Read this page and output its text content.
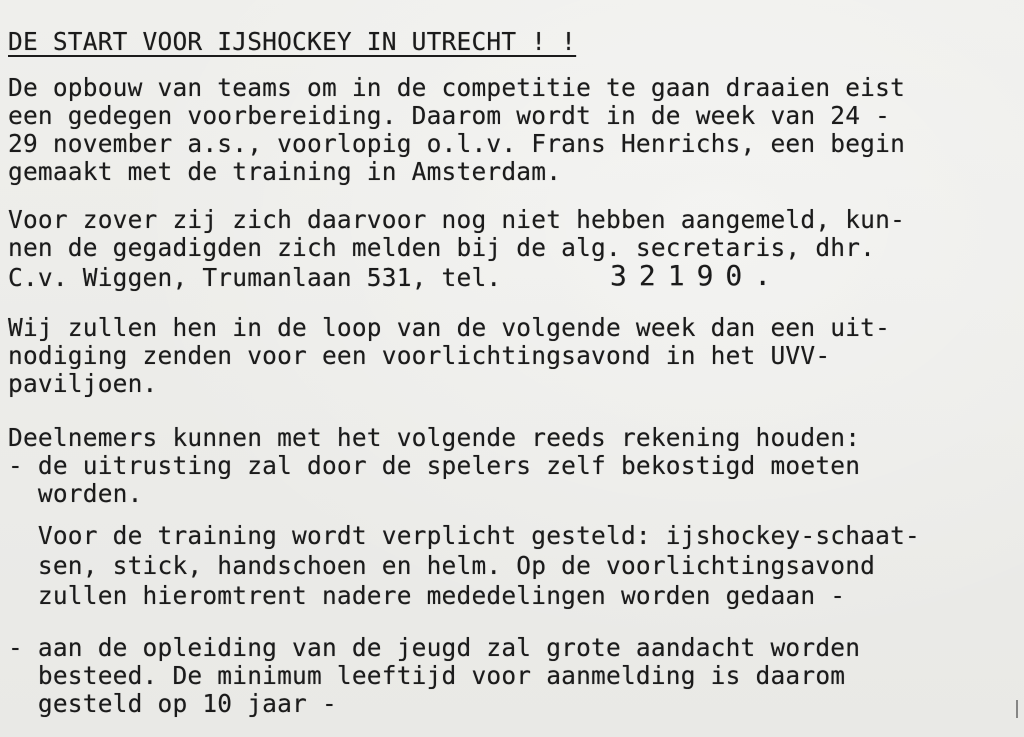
DE START VOOR IJSHOCKEY IN UTRECHT ! !
De opbouw van teams om in de competitie te gaan draaien eist
een gedegen voorbereiding. Daarom wordt in de week van 24 -
29 november a.s., voorlopig o.l.v. Frans Henrichs, een begin
gemaakt met de training in Amsterdam.
Voor zover zij zich daarvoor nog niet hebben aangemeld, kun-
nen de gegadigden zich melden bij de alg. secretaris, dhr.
C.v. Wiggen, Trumanlaan 531, tel.	32190.
Wij zullen hen in de loop van de volgende week dan een uit-
nodiging zenden voor een voorlichtingsavond in het UVV-
paviljoen.
Deelnemers kunnen met het volgende reeds rekening houden:
- de uitrusting zal door de spelers zelf bekostigd moeten
worden.
Voor de training wordt verplicht gesteld: ijshockey-schaat-
sen, stick, handschoen en helm. Op de voorlichtingsavond
zullen hieromtrent nadere mededelingen worden gedaan -
- aan de opleiding van de jeugd zal grote aandacht worden
besteed. De minimum leeftijd voor aanmelding is daarom
gesteld op 10 jaar -
